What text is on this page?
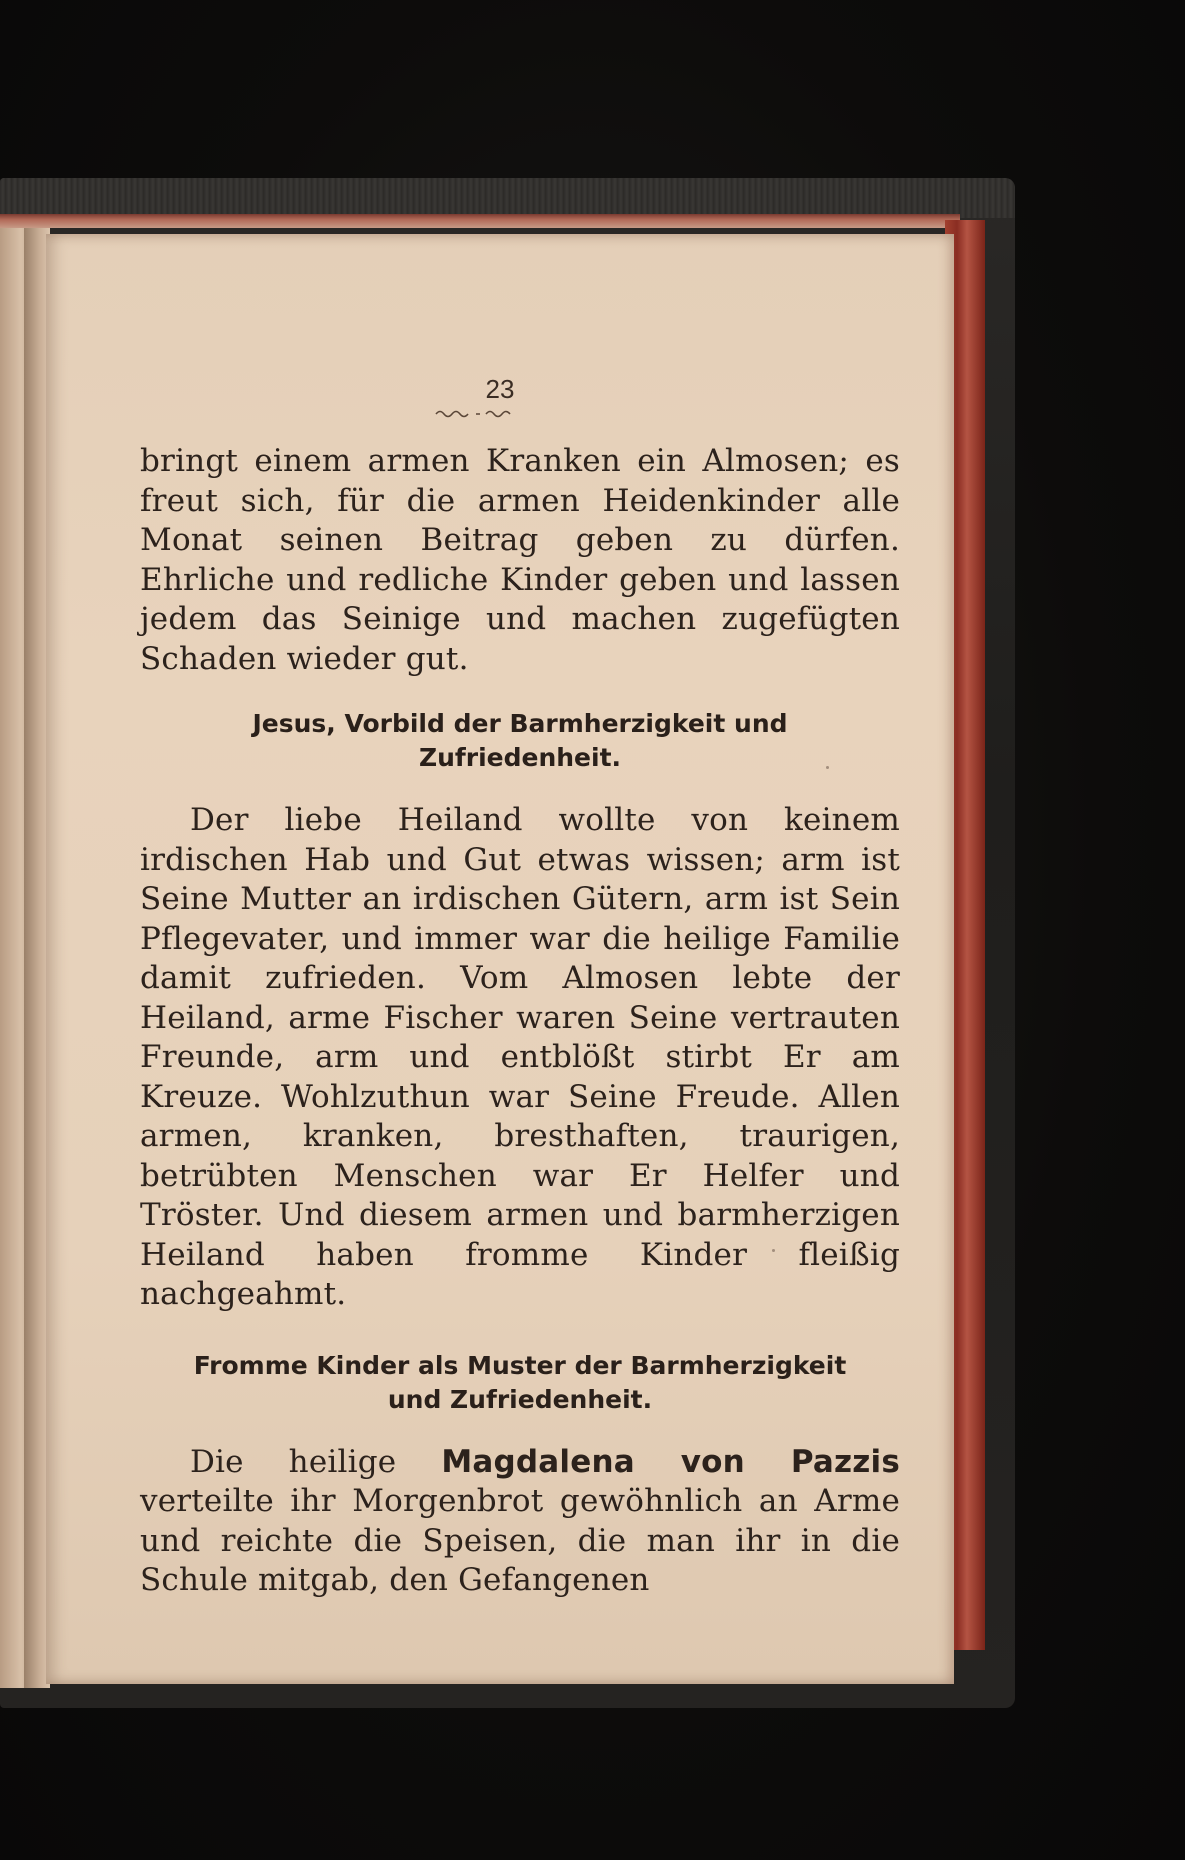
23

bringt einem armen Kranken ein Almosen; es freut sich, für die armen Heidenkinder alle Monat seinen Beitrag geben zu dürfen. Ehrliche und redliche Kinder geben und lassen jedem das Seinige und machen zugefügten Schaden wieder gut.

Jesus, Vorbild der Barmherzigkeit und Zufriedenheit.

Der liebe Heiland wollte von keinem irdischen Hab und Gut etwas wissen; arm ist Seine Mutter an irdischen Gütern, arm ist Sein Pflegevater, und immer war die heilige Familie damit zufrieden. Vom Almosen lebte der Heiland, arme Fischer waren Seine vertrauten Freunde, arm und entblößt stirbt Er am Kreuze. Wohlzuthun war Seine Freude. Allen armen, kranken, bresthaften, traurigen, betrübten Menschen war Er Helfer und Tröster. Und diesem armen und barmherzigen Heiland haben fromme Kinder fleißig nachgeahmt.

Fromme Kinder als Muster der Barmherzigkeit und Zufriedenheit.

Die heilige Magdalena von Pazzis verteilte ihr Morgenbrot gewöhnlich an Arme und reichte die Speisen, die man ihr in die Schule mitgab, den Gefangenen
